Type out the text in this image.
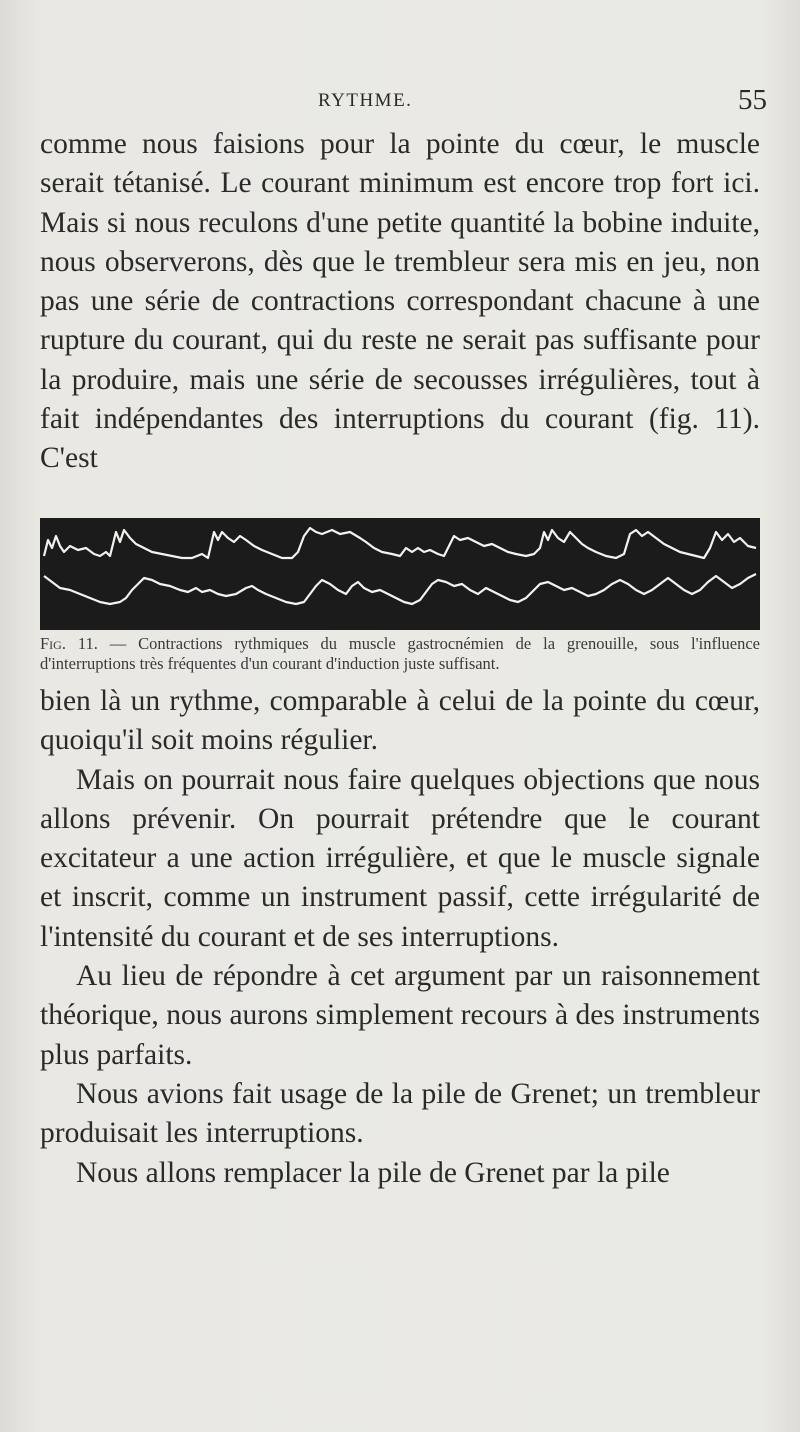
RYTHME.	55

comme nous faisions pour la pointe du cœur, le muscle serait tétanisé. Le courant minimum est encore trop fort ici. Mais si nous reculons d'une petite quantité la bobine induite, nous observerons, dès que le trembleur sera mis en jeu, non pas une série de contractions correspondant chacune à une rupture du courant, qui du reste ne serait pas suffisante pour la produire, mais une série de secousses irrégulières, tout à fait indépendantes des interruptions du courant (fig. 11). C'est

Fig. 11. — Contractions rythmiques du muscle gastrocnémien de la grenouille, sous l'influence d'interruptions très fréquentes d'un courant d'induction juste suffisant.

bien là un rythme, comparable à celui de la pointe du cœur, quoiqu'il soit moins régulier.

Mais on pourrait nous faire quelques objections que nous allons prévenir. On pourrait prétendre que le courant excitateur a une action irrégulière, et que le muscle signale et inscrit, comme un instrument passif, cette irrégularité de l'intensité du courant et de ses interruptions.

Au lieu de répondre à cet argument par un raisonnement théorique, nous aurons simplement recours à des instruments plus parfaits.

Nous avions fait usage de la pile de Grenet; un trembleur produisait les interruptions.

Nous allons remplacer la pile de Grenet par la pile
